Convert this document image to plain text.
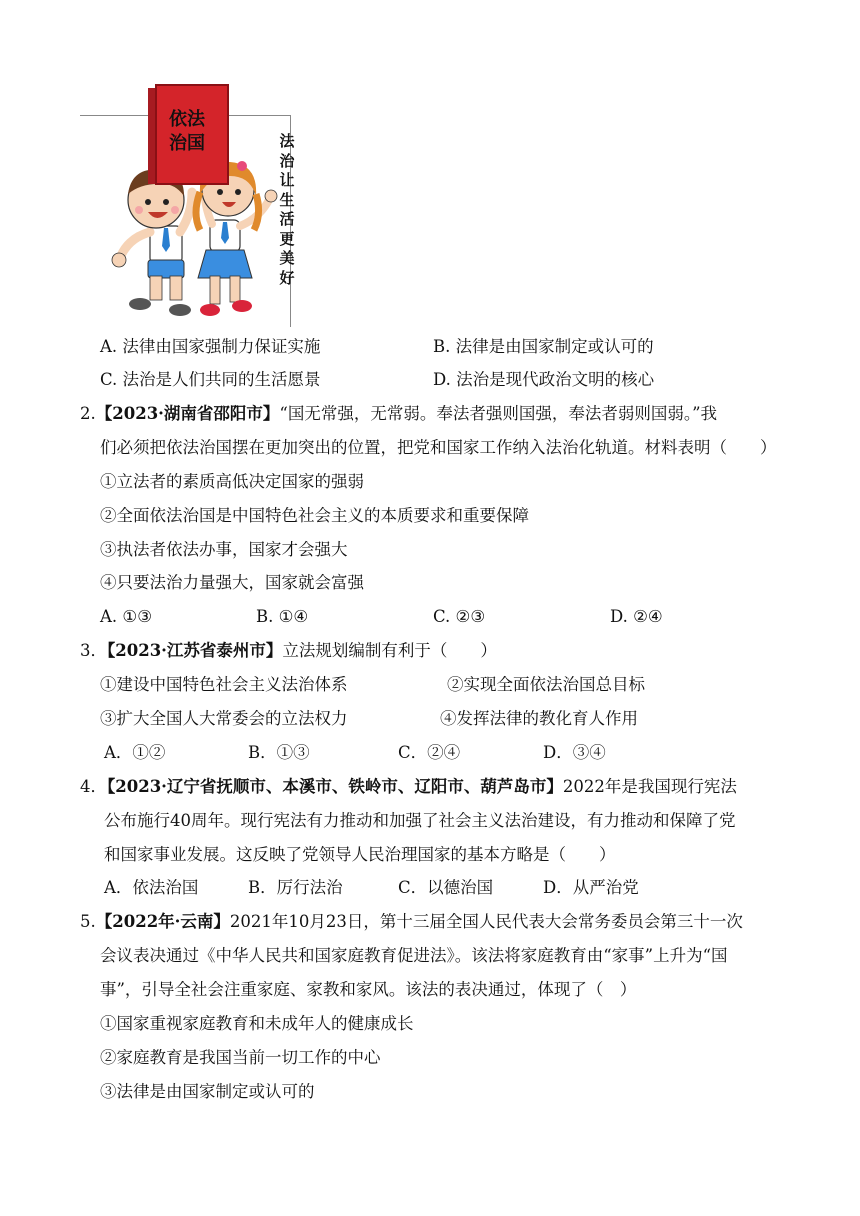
依法
治国	法治让生活更美好
A. 法律由国家强制力保证实施	B. 法律是由国家制定或认可的
C. 法治是人们共同的生活愿景	D. 法治是现代政治文明的核心
2.【2023·湖南省邵阳市】“国无常强，无常弱。奉法者强则国强，奉法者弱则国弱。”我
们必须把依法治国摆在更加突出的位置，把党和国家工作纳入法治化轨道。材料表明（　　）
①立法者的素质高低决定国家的强弱
②全面依法治国是中国特色社会主义的本质要求和重要保障
③执法者依法办事，国家才会强大
④只要法治力量强大，国家就会富强
A. ①③	B. ①④	C. ②③	D. ②④
3．【2023·江苏省泰州市】立法规划编制有利于（　　）
①建设中国特色社会主义法治体系	②实现全面依法治国总目标
③扩大全国人大常委会的立法权力	④发挥法律的教化育人作用
A．①②	B．①③	C．②④	D．③④
4．【2023·辽宁省抚顺市、本溪市、铁岭市、辽阳市、葫芦岛市】2022年是我国现行宪法
公布施行40周年。现行宪法有力推动和加强了社会主义法治建设，有力推动和保障了党
和国家事业发展。这反映了党领导人民治理国家的基本方略是（　　）
A．依法治国	B．厉行法治	C．以德治国	D．从严治党
5.【2022年·云南】2021年10月23日，第十三届全国人民代表大会常务委员会第三十一次
会议表决通过《中华人民共和国家庭教育促进法》。该法将家庭教育由“家事”上升为“国
事”，引导全社会注重家庭、家教和家风。该法的表决通过，体现了（　）
①国家重视家庭教育和未成年人的健康成长
②家庭教育是我国当前一切工作的中心
③法律是由国家制定或认可的
